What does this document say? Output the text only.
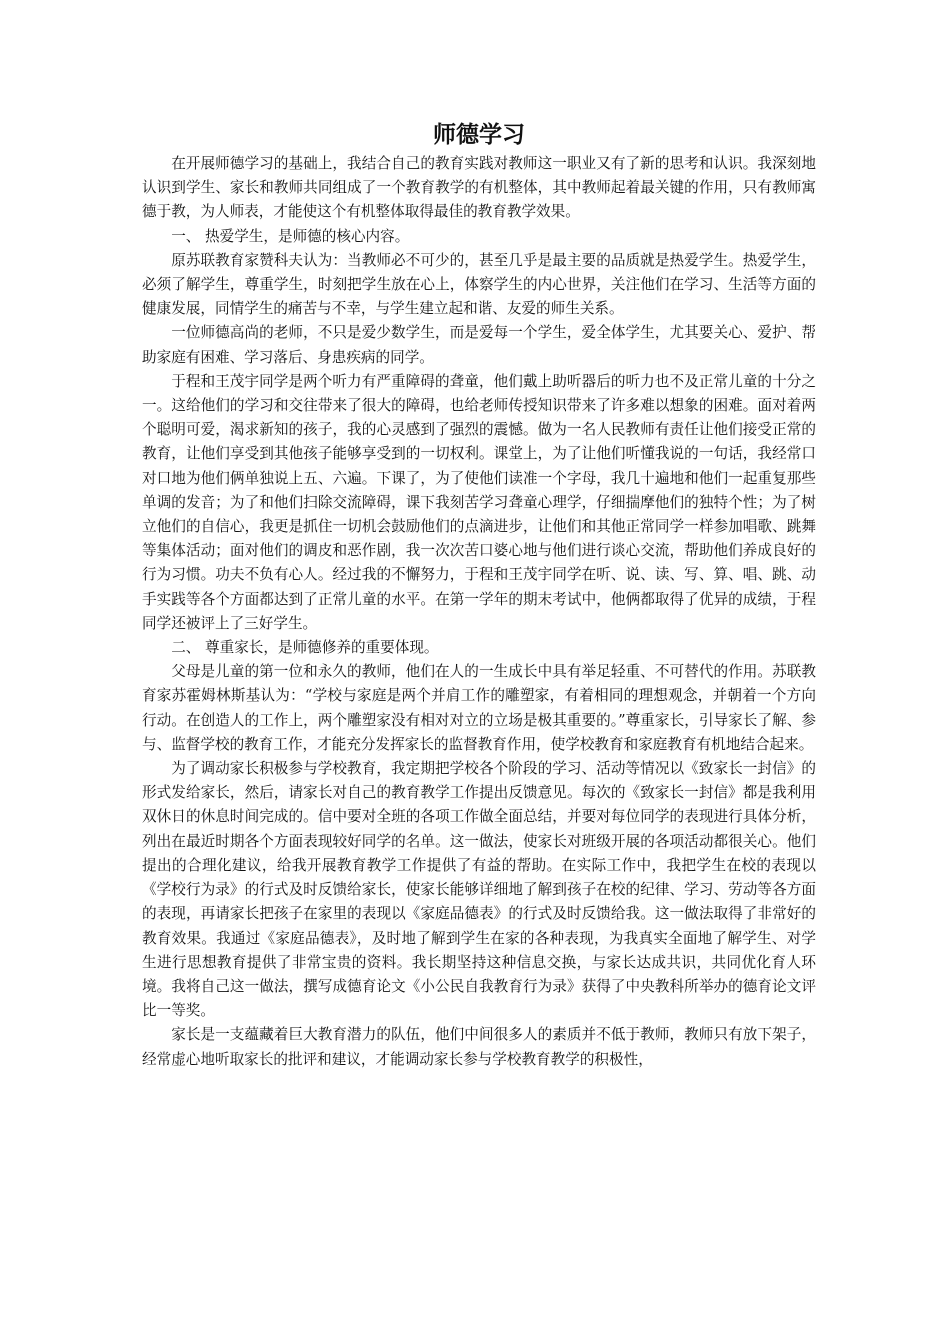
师德学习

在开展师德学习的基础上，我结合自己的教育实践对教师这一职业又有了新的思考和认识。我深刻地认识到学生、家长和教师共同组成了一个教育教学的有机整体，其中教师起着最关键的作用，只有教师寓德于教，为人师表，才能使这个有机整体取得最佳的教育教学效果。

一、 热爱学生，是师德的核心内容。

原苏联教育家赞科夫认为：当教师必不可少的，甚至几乎是最主要的品质就是热爱学生。热爱学生，必须了解学生，尊重学生，时刻把学生放在心上，体察学生的内心世界，关注他们在学习、生活等方面的健康发展，同情学生的痛苦与不幸，与学生建立起和谐、友爱的师生关系。

一位师德高尚的老师，不只是爱少数学生，而是爱每一个学生，爱全体学生，尤其要关心、爱护、帮助家庭有困难、学习落后、身患疾病的同学。

于程和王茂宇同学是两个听力有严重障碍的聋童，他们戴上助听器后的听力也不及正常儿童的十分之一。这给他们的学习和交往带来了很大的障碍，也给老师传授知识带来了许多难以想象的困难。面对着两个聪明可爱，渴求新知的孩子，我的心灵感到了强烈的震憾。做为一名人民教师有责任让他们接受正常的教育，让他们享受到其他孩子能够享受到的一切权利。课堂上，为了让他们听懂我说的一句话，我经常口对口地为他们俩单独说上五、六遍。下课了，为了使他们读准一个字母，我几十遍地和他们一起重复那些单调的发音；为了和他们扫除交流障碍，课下我刻苦学习聋童心理学，仔细揣摩他们的独特个性；为了树立他们的自信心，我更是抓住一切机会鼓励他们的点滴进步，让他们和其他正常同学一样参加唱歌、跳舞等集体活动；面对他们的调皮和恶作剧，我一次次苦口婆心地与他们进行谈心交流，帮助他们养成良好的行为习惯。功夫不负有心人。经过我的不懈努力，于程和王茂宇同学在听、说、读、写、算、唱、跳、动手实践等各个方面都达到了正常儿童的水平。在第一学年的期末考试中，他俩都取得了优异的成绩，于程同学还被评上了三好学生。

二、 尊重家长，是师德修养的重要体现。

父母是儿童的第一位和永久的教师，他们在人的一生成长中具有举足轻重、不可替代的作用。苏联教育家苏霍姆林斯基认为：“学校与家庭是两个并肩工作的雕塑家，有着相同的理想观念，并朝着一个方向行动。在创造人的工作上，两个雕塑家没有相对对立的立场是极其重要的。”尊重家长，引导家长了解、参与、监督学校的教育工作，才能充分发挥家长的监督教育作用，使学校教育和家庭教育有机地结合起来。

为了调动家长积极参与学校教育，我定期把学校各个阶段的学习、活动等情况以《致家长一封信》的形式发给家长，然后，请家长对自己的教育教学工作提出反馈意见。每次的《致家长一封信》都是我利用双休日的休息时间完成的。信中要对全班的各项工作做全面总结，并要对每位同学的表现进行具体分析，列出在最近时期各个方面表现较好同学的名单。这一做法，使家长对班级开展的各项活动都很关心。他们提出的合理化建议，给我开展教育教学工作提供了有益的帮助。在实际工作中，我把学生在校的表现以《学校行为录》的行式及时反馈给家长，使家长能够详细地了解到孩子在校的纪律、学习、劳动等各方面的表现，再请家长把孩子在家里的表现以《家庭品德表》的行式及时反馈给我。这一做法取得了非常好的教育效果。我通过《家庭品德表》，及时地了解到学生在家的各种表现，为我真实全面地了解学生、对学生进行思想教育提供了非常宝贵的资料。我长期坚持这种信息交换，与家长达成共识，共同优化育人环境。我将自己这一做法，撰写成德育论文《小公民自我教育行为录》获得了中央教科所举办的德育论文评比一等奖。

家长是一支蕴藏着巨大教育潜力的队伍，他们中间很多人的素质并不低于教师，教师只有放下架子，经常虚心地听取家长的批评和建议，才能调动家长参与学校教育教学的积极性，
